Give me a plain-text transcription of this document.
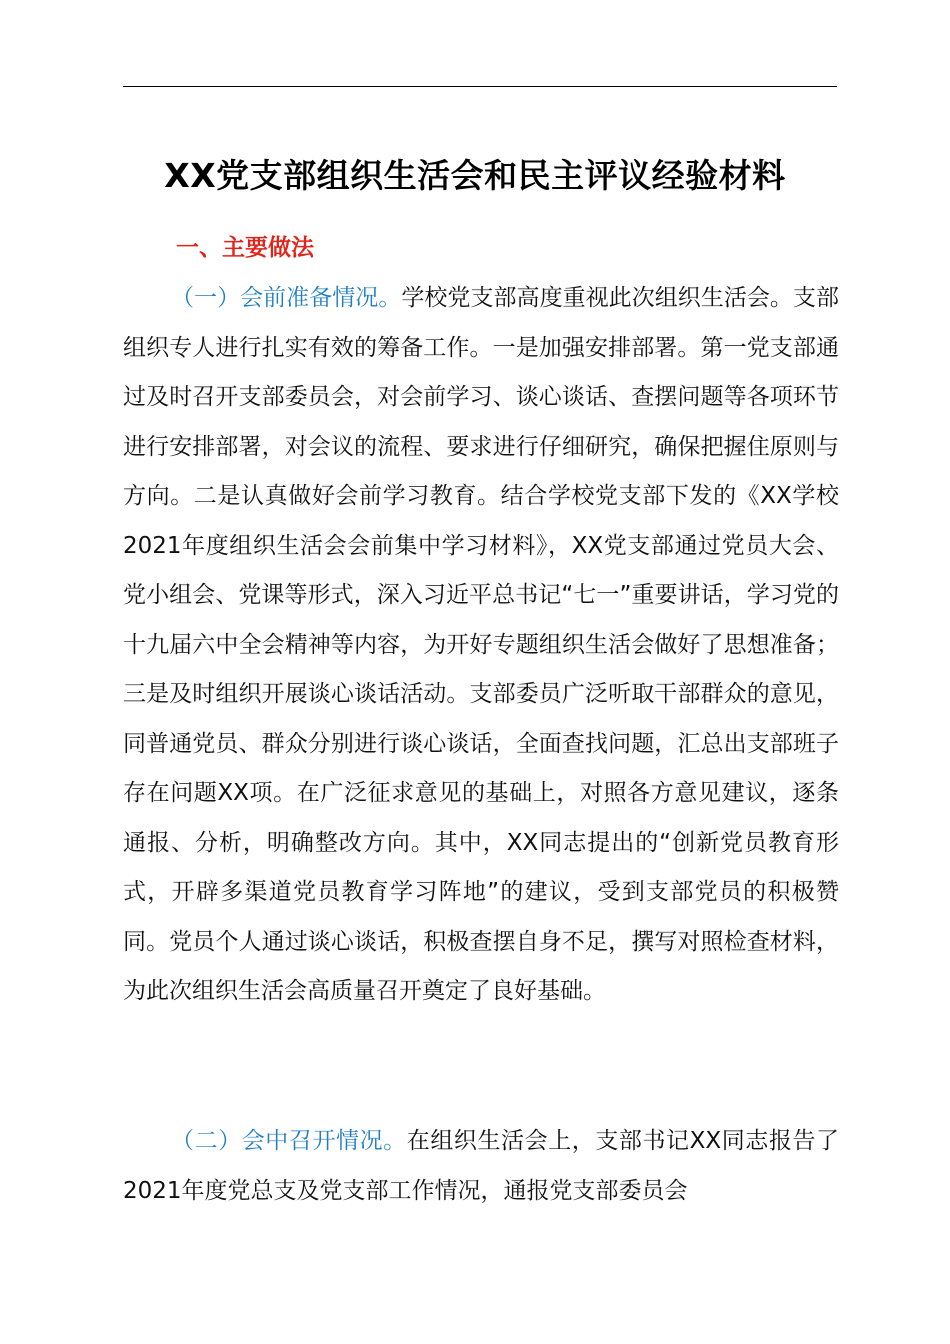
XX党支部组织生活会和民主评议经验材料
一、主要做法

（一）会前准备情况。学校党支部高度重视此次组织生活会。支部组织专人进行扎实有效的筹备工作。一是加强安排部署。第一党支部通过及时召开支部委员会，对会前学习、谈心谈话、查摆问题等各项环节进行安排部署，对会议的流程、要求进行仔细研究，确保把握住原则与方向。二是认真做好会前学习教育。结合学校党支部下发的《XX学校2021年度组织生活会会前集中学习材料》，XX党支部通过党员大会、党小组会、党课等形式，深入习近平总书记“七一”重要讲话，学习党的十九届六中全会精神等内容，为开好专题组织生活会做好了思想准备；三是及时组织开展谈心谈话活动。支部委员广泛听取干部群众的意见，同普通党员、群众分别进行谈心谈话，全面查找问题，汇总出支部班子存在问题XX项。在广泛征求意见的基础上，对照各方意见建议，逐条通报、分析，明确整改方向。其中，XX同志提出的“创新党员教育形式，开辟多渠道党员教育学习阵地”的建议，受到支部党员的积极赞同。党员个人通过谈心谈话，积极查摆自身不足，撰写对照检查材料，为此次组织生活会高质量召开奠定了良好基础。

（二）会中召开情况。在组织生活会上，支部书记XX同志报告了2021年度党总支及党支部工作情况，通报党支部委员会
